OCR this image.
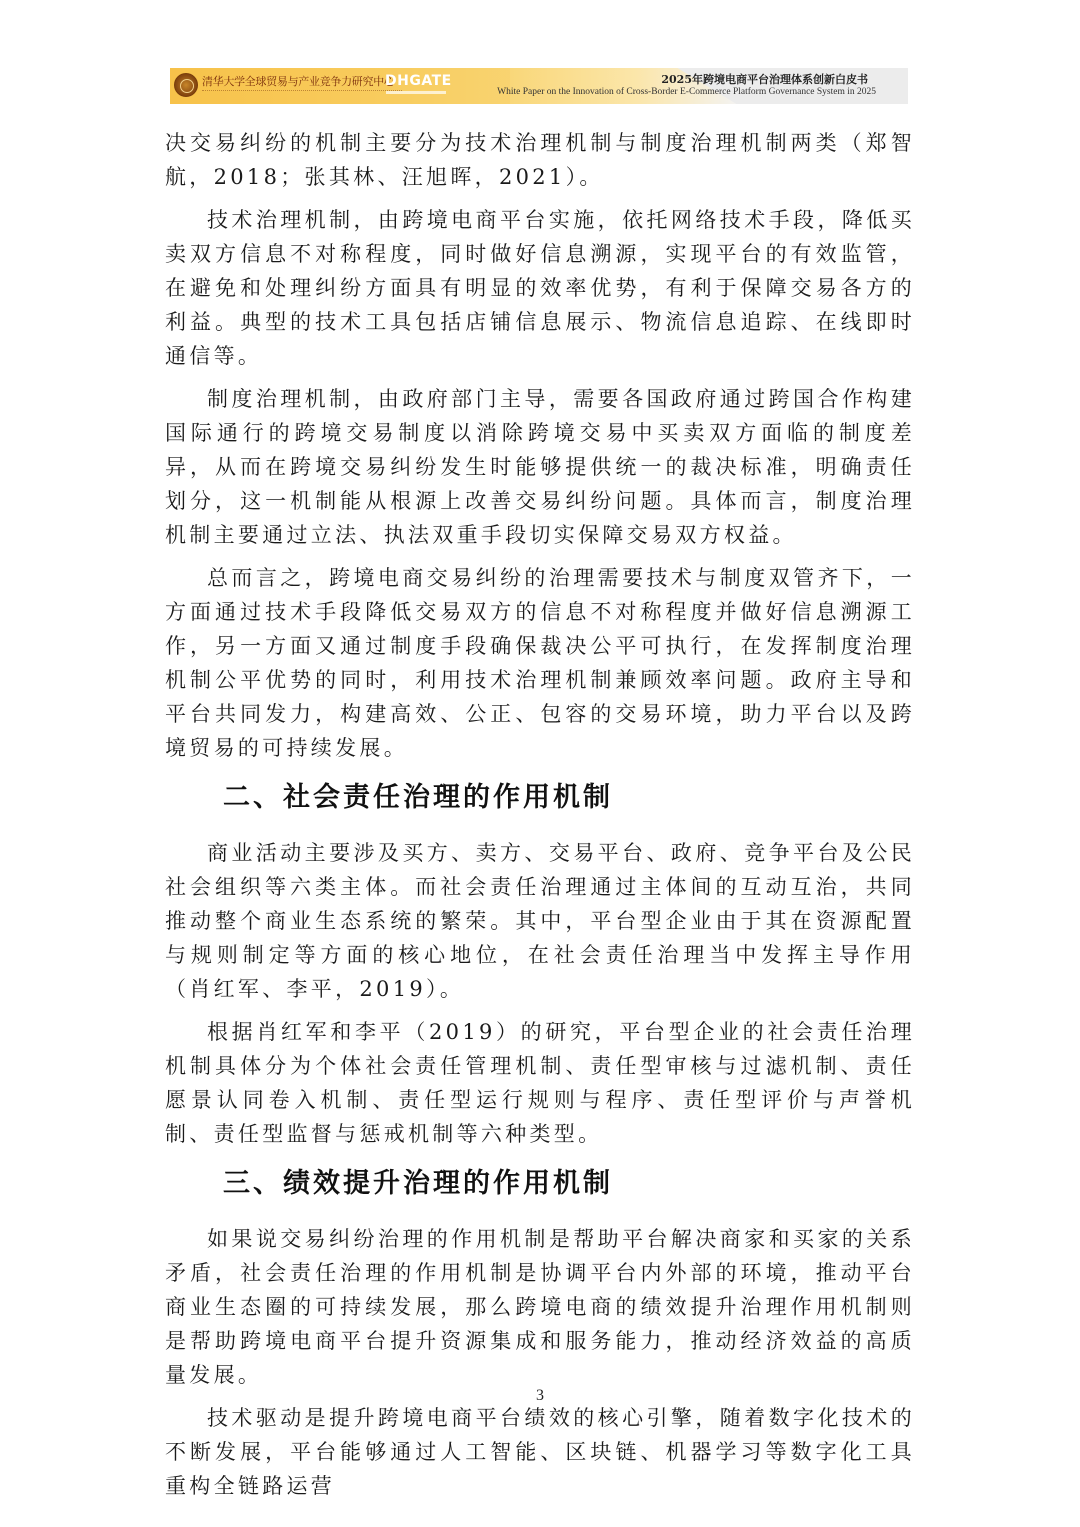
清华大学全球贸易与产业竞争力研究中心
DHGATE	2025年跨境电商平台治理体系创新白皮书
White Paper on the Innovation of Cross-Border E-Commerce Platform Governance System in 2025

决交易纠纷的机制主要分为技术治理机制与制度治理机制两类（郑智航，2018；张其林、汪旭晖，2021）。

技术治理机制，由跨境电商平台实施，依托网络技术手段，降低买卖双方信息不对称程度，同时做好信息溯源，实现平台的有效监管，在避免和处理纠纷方面具有明显的效率优势，有利于保障交易各方的利益。典型的技术工具包括店铺信息展示、物流信息追踪、在线即时通信等。

制度治理机制，由政府部门主导，需要各国政府通过跨国合作构建国际通行的跨境交易制度以消除跨境交易中买卖双方面临的制度差异，从而在跨境交易纠纷发生时能够提供统一的裁决标准，明确责任划分，这一机制能从根源上改善交易纠纷问题。具体而言，制度治理机制主要通过立法、执法双重手段切实保障交易双方权益。

总而言之，跨境电商交易纠纷的治理需要技术与制度双管齐下，一方面通过技术手段降低交易双方的信息不对称程度并做好信息溯源工作，另一方面又通过制度手段确保裁决公平可执行，在发挥制度治理机制公平优势的同时，利用技术治理机制兼顾效率问题。政府主导和平台共同发力，构建高效、公正、包容的交易环境，助力平台以及跨境贸易的可持续发展。

二、社会责任治理的作用机制

商业活动主要涉及买方、卖方、交易平台、政府、竞争平台及公民社会组织等六类主体。而社会责任治理通过主体间的互动互治，共同推动整个商业生态系统的繁荣。其中，平台型企业由于其在资源配置与规则制定等方面的核心地位，在社会责任治理当中发挥主导作用（肖红军、李平，2019）。

根据肖红军和李平（2019）的研究，平台型企业的社会责任治理机制具体分为个体社会责任管理机制、责任型审核与过滤机制、责任愿景认同卷入机制、责任型运行规则与程序、责任型评价与声誉机制、责任型监督与惩戒机制等六种类型。

三、绩效提升治理的作用机制

如果说交易纠纷治理的作用机制是帮助平台解决商家和买家的关系矛盾，社会责任治理的作用机制是协调平台内外部的环境，推动平台商业生态圈的可持续发展，那么跨境电商的绩效提升治理作用机制则是帮助跨境电商平台提升资源集成和服务能力，推动经济效益的高质量发展。

技术驱动是提升跨境电商平台绩效的核心引擎，随着数字化技术的不断发展，平台能够通过人工智能、区块链、机器学习等数字化工具重构全链路运营

3
